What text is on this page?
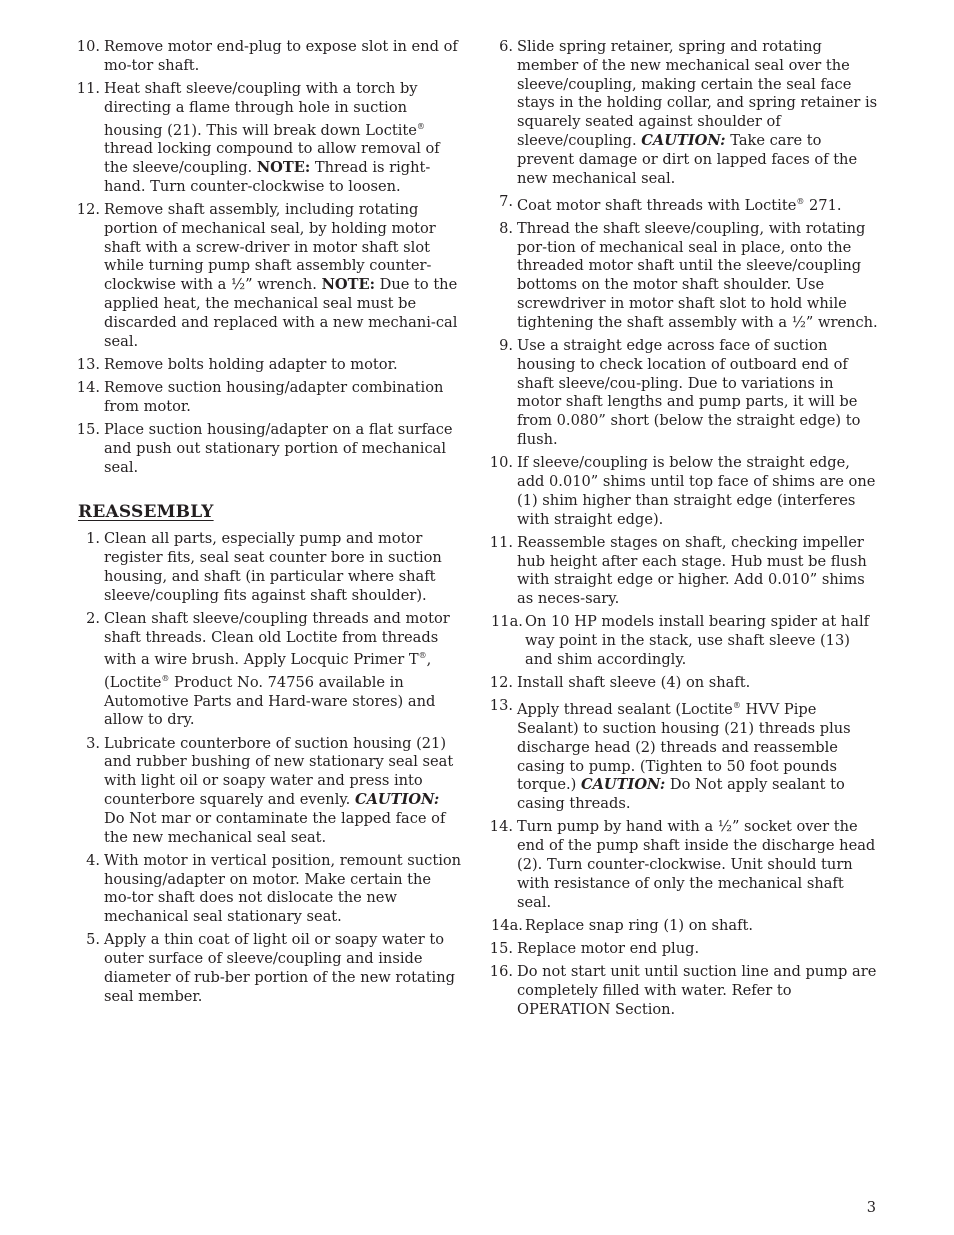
10. Remove motor end-plug to expose slot in end of mo-tor shaft.
11. Heat shaft sleeve/coupling with a torch by directing a flame through hole in suction housing (21). This will break down Loctite® thread locking compound to allow removal of the sleeve/coupling. NOTE: Thread is right-hand. Turn counter-clockwise to loosen.
12. Remove shaft assembly, including rotating portion of mechanical seal, by holding motor shaft with a screw-driver in motor shaft slot while turning pump shaft assembly counter-clockwise with a ½” wrench. NOTE: Due to the applied heat, the mechanical seal must be discarded and replaced with a new mechani-cal seal.
13. Remove bolts holding adapter to motor.
14. Remove suction housing/adapter combination from motor.
15. Place suction housing/adapter on a flat surface and push out stationary portion of mechanical seal.
REASSEMBLY
1. Clean all parts, especially pump and motor register fits, seal seat counter bore in suction housing, and shaft (in particular where shaft sleeve/coupling fits against shaft shoulder).
2. Clean shaft sleeve/coupling threads and motor shaft threads. Clean old Loctite from threads with a wire brush. Apply Locquic Primer T®, (Loctite® Product No. 74756 available in Automotive Parts and Hard-ware stores) and allow to dry.
3. Lubricate counterbore of suction housing (21) and rubber bushing of new stationary seal seat with light oil or soapy water and press into counterbore squarely and evenly. CAUTION: Do Not mar or contaminate the lapped face of the new mechanical seal seat.
4. With motor in vertical position, remount suction housing/adapter on motor. Make certain the mo-tor shaft does not dislocate the new mechanical seal stationary seat.
5. Apply a thin coat of light oil or soapy water to outer surface of sleeve/coupling and inside diameter of rub-ber portion of the new rotating seal member.
6. Slide spring retainer, spring and rotating member of the new mechanical seal over the sleeve/coupling, making certain the seal face stays in the holding collar, and spring retainer is squarely seated against shoulder of sleeve/coupling. CAUTION: Take care to prevent damage or dirt on lapped faces of the new mechanical seal.
7. Coat motor shaft threads with Loctite® 271.
8. Thread the shaft sleeve/coupling, with rotating por-tion of mechanical seal in place, onto the threaded motor shaft until the sleeve/coupling bottoms on the motor shaft shoulder. Use screwdriver in motor shaft slot to hold while tightening the shaft assembly with a ½” wrench.
9. Use a straight edge across face of suction housing to check location of outboard end of shaft sleeve/cou-pling. Due to variations in motor shaft lengths and pump parts, it will be from 0.080” short (below the straight edge) to flush.
10. If sleeve/coupling is below the straight edge, add 0.010” shims until top face of shims are one (1) shim higher than straight edge (interferes with straight edge).
11. Reassemble stages on shaft, checking impeller hub height after each stage. Hub must be flush with straight edge or higher. Add 0.010” shims as neces-sary.
11a. On 10 HP models install bearing spider at half way point in the stack, use shaft sleeve (13) and shim accordingly.
12. Install shaft sleeve (4) on shaft.
13. Apply thread sealant (Loctite® HVV Pipe Sealant) to suction housing (21) threads plus discharge head (2) threads and reassemble casing to pump. (Tighten to 50 foot pounds torque.) CAUTION: Do Not apply sealant to casing threads.
14. Turn pump by hand with a ½” socket over the end of the pump shaft inside the discharge head (2). Turn counter-clockwise. Unit should turn with resistance of only the mechanical shaft seal.
14a. Replace snap ring (1) on shaft.
15. Replace motor end plug.
16. Do not start unit until suction line and pump are completely filled with water. Refer to OPERATION Section.
3
